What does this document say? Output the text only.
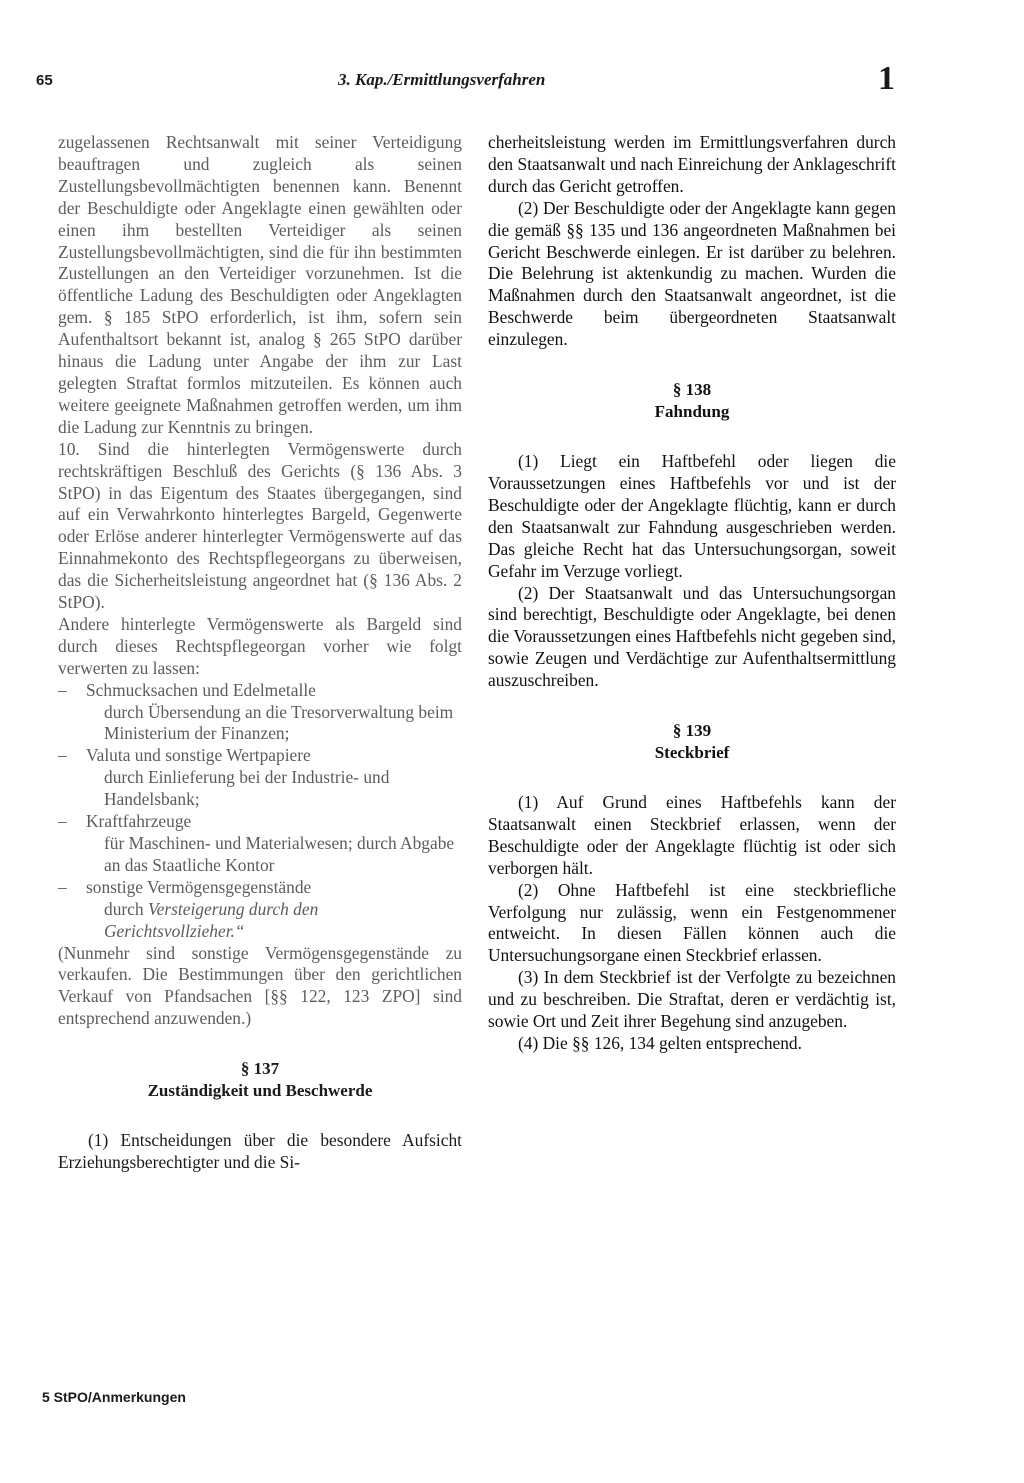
65	3. Kap./Ermittlungsverfahren	1

zugelassenen Rechtsanwalt mit seiner Verteidigung beauftragen und zugleich als seinen Zustellungsbevollmächtigten benennen kann. Benennt der Beschuldigte oder Angeklagte einen gewählten oder einen ihm bestellten Verteidiger als seinen Zustellungsbevollmächtigten, sind die für ihn bestimmten Zustellungen an den Verteidiger vorzunehmen. Ist die öffentliche Ladung des Beschuldigten oder Angeklagten gem. § 185 StPO erforderlich, ist ihm, sofern sein Aufenthaltsort bekannt ist, analog § 265 StPO darüber hinaus die Ladung unter Angabe der ihm zur Last gelegten Straftat formlos mitzuteilen. Es können auch weitere geeignete Maßnahmen getroffen werden, um ihm die Ladung zur Kenntnis zu bringen.

10. Sind die hinterlegten Vermögenswerte durch rechtskräftigen Beschluß des Gerichts (§ 136 Abs. 3 StPO) in das Eigentum des Staates übergegangen, sind auf ein Verwahrkonto hinterlegtes Bargeld, Gegenwerte oder Erlöse anderer hinterlegter Vermögenswerte auf das Einnahmekonto des Rechtspflegeorgans zu überweisen, das die Sicherheitsleistung angeordnet hat (§ 136 Abs. 2 StPO).

Andere hinterlegte Vermögenswerte als Bargeld sind durch dieses Rechtspflegeorgan vorher wie folgt verwerten zu lassen:

– Schmucksachen und Edelmetalle
durch Übersendung an die Tresorverwaltung beim Ministerium der Finanzen;
– Valuta und sonstige Wertpapiere
durch Einlieferung bei der Industrie- und Handelsbank;
– Kraftfahrzeuge
für Maschinen- und Materialwesen; durch Abgabe an das Staatliche Kontor
– sonstige Vermögensgegenstände
durch Versteigerung durch den Gerichtsvollzieher.“

(Nunmehr sind sonstige Vermögensgegenstände zu verkaufen. Die Bestimmungen über den gerichtlichen Verkauf von Pfandsachen [§§ 122, 123 ZPO] sind entsprechend anzuwenden.)

§ 137
Zuständigkeit und Beschwerde

(1) Entscheidungen über die besondere Aufsicht Erziehungsberechtigter und die Si-

cherheitsleistung werden im Ermittlungsverfahren durch den Staatsanwalt und nach Einreichung der Anklageschrift durch das Gericht getroffen.

(2) Der Beschuldigte oder der Angeklagte kann gegen die gemäß §§ 135 und 136 angeordneten Maßnahmen bei Gericht Beschwerde einlegen. Er ist darüber zu belehren. Die Belehrung ist aktenkundig zu machen. Wurden die Maßnahmen durch den Staatsanwalt angeordnet, ist die Beschwerde beim übergeordneten Staatsanwalt einzulegen.

§ 138
Fahndung

(1) Liegt ein Haftbefehl oder liegen die Voraussetzungen eines Haftbefehls vor und ist der Beschuldigte oder der Angeklagte flüchtig, kann er durch den Staatsanwalt zur Fahndung ausgeschrieben werden. Das gleiche Recht hat das Untersuchungsorgan, soweit Gefahr im Verzuge vorliegt.

(2) Der Staatsanwalt und das Untersuchungsorgan sind berechtigt, Beschuldigte oder Angeklagte, bei denen die Voraussetzungen eines Haftbefehls nicht gegeben sind, sowie Zeugen und Verdächtige zur Aufenthaltsermittlung auszuschreiben.

§ 139
Steckbrief

(1) Auf Grund eines Haftbefehls kann der Staatsanwalt einen Steckbrief erlassen, wenn der Beschuldigte oder der Angeklagte flüchtig ist oder sich verborgen hält.

(2) Ohne Haftbefehl ist eine steckbriefliche Verfolgung nur zulässig, wenn ein Festgenommener entweicht. In diesen Fällen können auch die Untersuchungsorgane einen Steckbrief erlassen.

(3) In dem Steckbrief ist der Verfolgte zu bezeichnen und zu beschreiben. Die Straftat, deren er verdächtig ist, sowie Ort und Zeit ihrer Begehung sind anzugeben.

(4) Die §§ 126, 134 gelten entsprechend.

5 StPO/Anmerkungen
